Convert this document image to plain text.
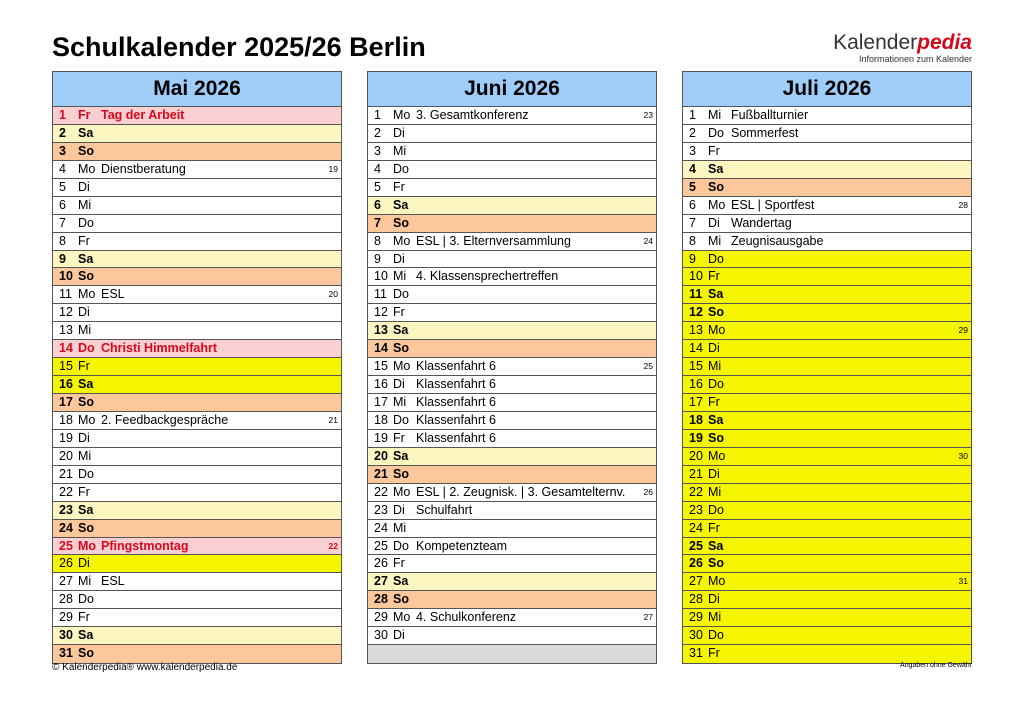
Schulkalender 2025/26 Berlin	Kalenderpedia
Informationen zum Kalender
Mai 2026
1 Fr Tag der Arbeit
2 Sa
3 So
4 Mo Dienstberatung	19
5 Di
6 Mi
7 Do
8 Fr
9 Sa
10 So
11 Mo ESL	20
12 Di
13 Mi
14 Do Christi Himmelfahrt
15 Fr
16 Sa
17 So
18 Mo 2. Feedbackgespräche	21
19 Di
20 Mi
21 Do
22 Fr
23 Sa
24 So
25 Mo Pfingstmontag	22
26 Di
27 Mi ESL
28 Do
29 Fr
30 Sa
31 So
Juni 2026
1 Mo 3. Gesamtkonferenz	23
2 Di
3 Mi
4 Do
5 Fr
6 Sa
7 So
8 Mo ESL | 3. Elternversammlung	24
9 Di
10 Mi 4. Klassensprechertreffen
11 Do
12 Fr
13 Sa
14 So
15 Mo Klassenfahrt 6	25
16 Di Klassenfahrt 6
17 Mi Klassenfahrt 6
18 Do Klassenfahrt 6
19 Fr Klassenfahrt 6
20 Sa
21 So
22 Mo ESL | 2. Zeugnisk. | 3. Gesamtelternv. 26
23 Di Schulfahrt
24 Mi
25 Do Kompetenzteam
26 Fr
27 Sa
28 So
29 Mo 4. Schulkonferenz	27
30 Di
Juli 2026
1 Mi Fußballturnier
2 Do Sommerfest
3 Fr
4 Sa
5 So
6 Mo ESL | Sportfest	28
7 Di Wandertag
8 Mi Zeugnisausgabe
9 Do
10 Fr
11 Sa
12 So
13 Mo	29
14 Di
15 Mi
16 Do
17 Fr
18 Sa
19 So
20 Mo	30
21 Di
22 Mi
23 Do
24 Fr
25 Sa
26 So
27 Mo	31
28 Di
29 Mi
30 Do
31 Fr
© Kalenderpedia® www.kalenderpedia.de	Angaben ohne Gewähr
